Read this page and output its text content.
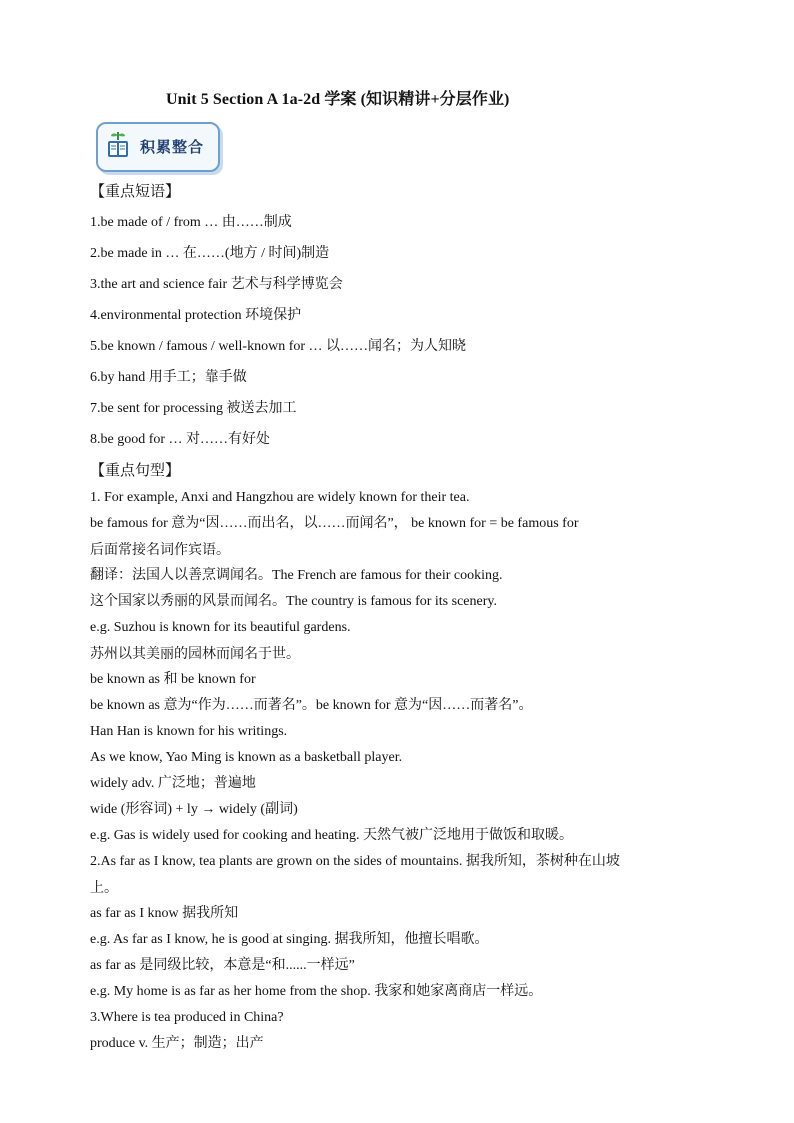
Unit 5 Section A 1a-2d 学案 (知识精讲+分层作业)
积累整合
【重点短语】
1.be made of / from … 由……制成
2.be made in … 在……(地方 / 时间)制造
3.the art and science fair 艺术与科学博览会
4.environmental protection 环境保护
5.be known / famous / well-known for … 以……闻名；为人知晓
6.by hand 用手工；靠手做
7.be sent for processing 被送去加工
8.be good for … 对……有好处
【重点句型】
1. For example, Anxi and Hangzhou are widely known for their tea.
be famous for 意为“因……而出名，以……而闻名”， be known for = be famous for
后面常接名词作宾语。
翻译：法国人以善烹调闻名。The French are famous for their cooking.
这个国家以秀丽的风景而闻名。The country is famous for its scenery.
e.g. Suzhou is known for its beautiful gardens.
苏州以其美丽的园林而闻名于世。
be known as 和 be known for
be known as 意为“作为……而著名”。be known for 意为“因……而著名”。
Han Han is known for his writings.
As we know, Yao Ming is known as a basketball player.
widely adv. 广泛地；普遍地
wide (形容词) + ly → widely (副词)
e.g. Gas is widely used for cooking and heating. 天然气被广泛地用于做饭和取暖。
2.As far as I know, tea plants are grown on the sides of mountains. 据我所知，茶树种在山坡
上。
as far as I know 据我所知
e.g. As far as I know, he is good at singing. 据我所知，他擅长唱歌。
as far as 是同级比较，本意是“和......一样远”
e.g. My home is as far as her home from the shop. 我家和她家离商店一样远。
3.Where is tea produced in China?
produce v. 生产；制造；出产
